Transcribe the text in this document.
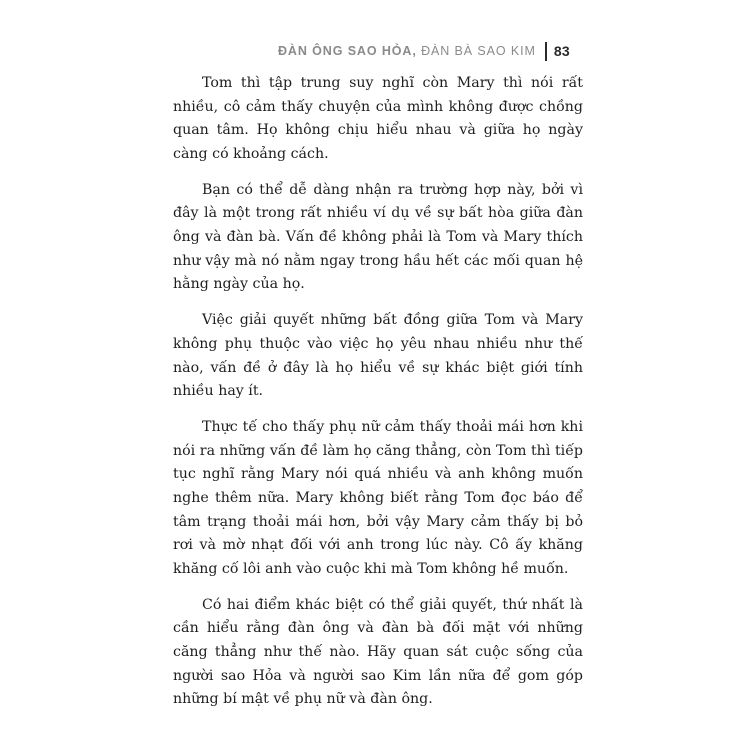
ĐÀN ÔNG SAO HỎA,
ĐÀN BÀ SAO KIM 83

Tom thì tập trung suy nghĩ còn Mary thì nói rất nhiều, cô cảm thấy chuyện của mình không được chồng quan tâm. Họ không chịu hiểu nhau và giữa họ ngày càng có khoảng cách.

Bạn có thể dễ dàng nhận ra trường hợp này, bởi vì đây là một trong rất nhiều ví dụ về sự bất hòa giữa đàn ông và đàn bà. Vấn đề không phải là Tom và Mary thích như vậy mà nó nằm ngay trong hầu hết các mối quan hệ hằng ngày của họ.

Việc giải quyết những bất đồng giữa Tom và Mary không phụ thuộc vào việc họ yêu nhau nhiều như thế nào, vấn đề ở đây là họ hiểu về sự khác biệt giới tính nhiều hay ít.

Thực tế cho thấy phụ nữ cảm thấy thoải mái hơn khi nói ra những vấn đề làm họ căng thẳng, còn Tom thì tiếp tục nghĩ rằng Mary nói quá nhiều và anh không muốn nghe thêm nữa. Mary không biết rằng Tom đọc báo để tâm trạng thoải mái hơn, bởi vậy Mary cảm thấy bị bỏ rơi và mờ nhạt đối với anh trong lúc này. Cô ấy khăng khăng cố lôi anh vào cuộc khi mà Tom không hề muốn.

Có hai điểm khác biệt có thể giải quyết, thứ nhất là cần hiểu rằng đàn ông và đàn bà đối mặt với những căng thẳng như thế nào. Hãy quan sát cuộc sống của người sao Hỏa và người sao Kim lần nữa để gom góp những bí mật về phụ nữ và đàn ông.
